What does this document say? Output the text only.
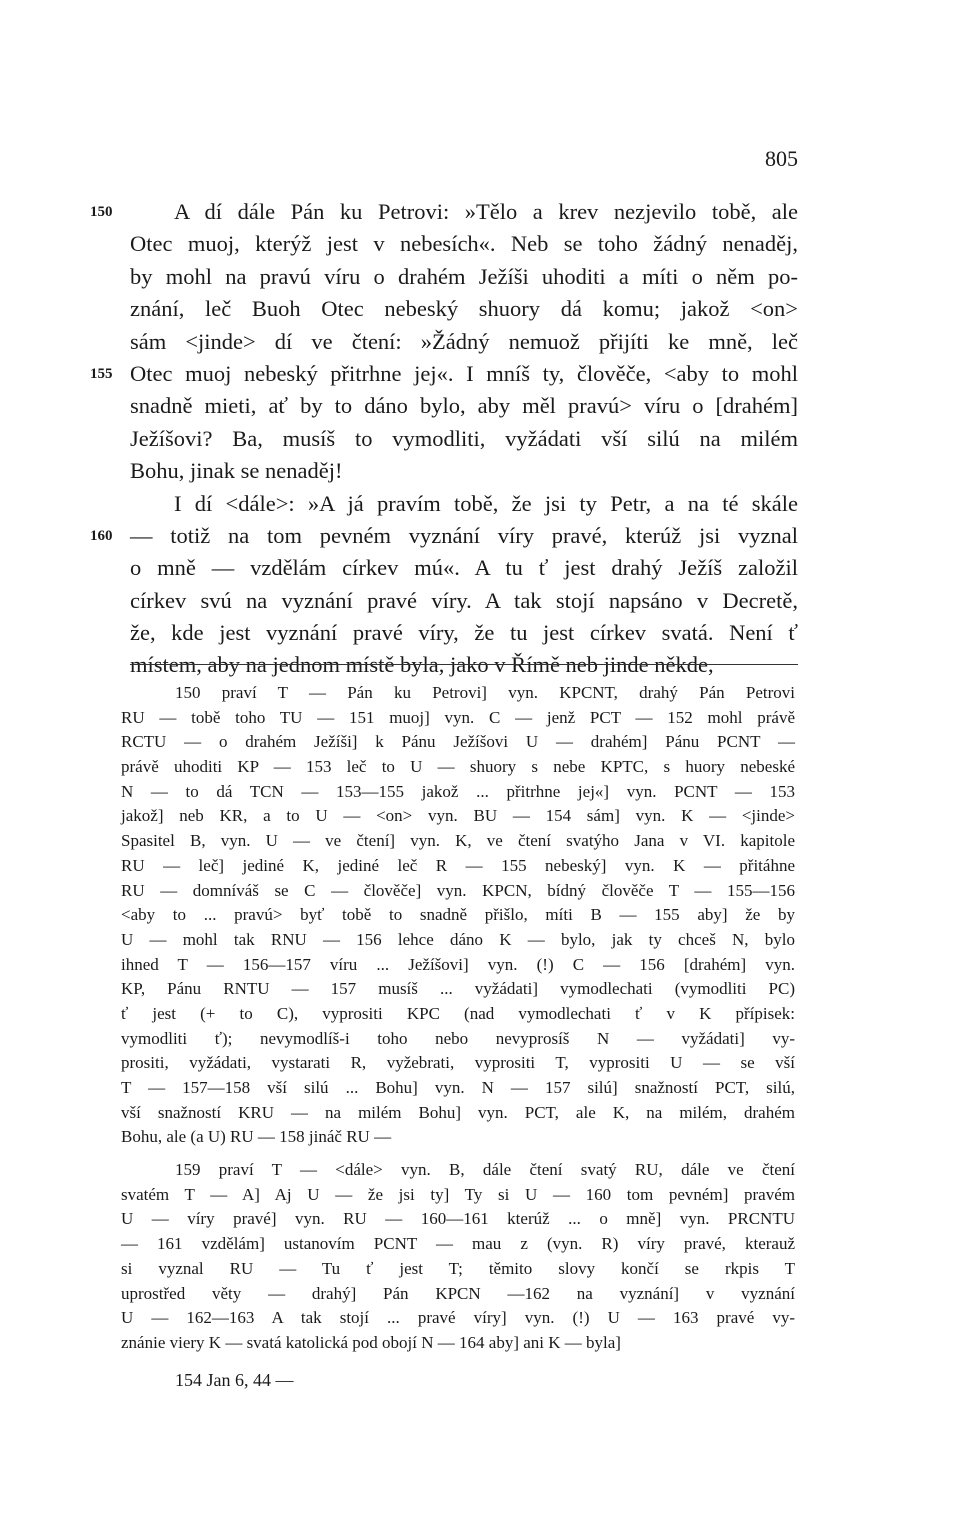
805
150	A dí dále Pán ku Petrovi: »Tělo a krev nezjevilo tobě, ale
Otec muoj, kterýž jest v nebesích«. Neb se toho žádný nenaděj,
by mohl na pravú víru o drahém Ježíši uhoditi a míti o něm po-
znání, leč Buoh Otec nebeský shuory dá komu; jakož <on>
sám <jinde> dí ve čtení: »Žádný nemuož přijíti ke mně, leč
155 Otec muoj nebeský přitrhne jej«. I mníš ty, člověče, <aby to mohl
snadně mieti, ať by to dáno bylo, aby měl pravú> víru o [drahém]
Ježíšovi? Ba, musíš to vymodliti, vyžádati vší silú na milém
Bohu, jinak se nenaděj!
I dí <dále>: »A já pravím tobě, že jsi ty Petr, a na té skále
160 — totiž na tom pevném vyznání víry pravé, kterúž jsi vyznal
o mně — vzdělám církev mú«. A tu ť jest drahý Ježíš založil
církev svú na vyznání pravé víry. A tak stojí napsáno v Decretě,
že, kde jest vyznání pravé víry, že tu jest církev svatá. Není ť
místem, aby na jednom místě byla, jako v Římě neb jinde někde,
150 praví T — Pán ku Petrovi] vyn. KPCNT, drahý Pán Petrovi
RU — tobě toho TU — 151 muoj] vyn. C — jenž PCT — 152 mohl právě
RCTU — o drahém Ježíši] k Pánu Ježíšovi U — drahém] Pánu PCNT —
právě uhoditi KP — 153 leč to U — shuory s nebe KPTC, s huory nebeské
N — to dá TCN — 153—155 jakož ... přitrhne jej«] vyn. PCNT — 153
jakož] neb KR, a to U — <on> vyn. BU — 154 sám] vyn. K — <jinde>
Spasitel B, vyn. U — ve čtení] vyn. K, ve čtení svatýho Jana v VI. kapitole
RU — leč] jediné K, jediné leč R — 155 nebeský] vyn. K — přitáhne
RU — domníváš se C — člověče] vyn. KPCN, bídný člověče T — 155—156
<aby to ... pravú> byť tobě to snadně přišlo, míti B — 155 aby] že by
U — mohl tak RNU — 156 lehce dáno K — bylo, jak ty chceš N, bylo
ihned T — 156—157 víru ... Ježíšovi] vyn. (!) C — 156 [drahém] vyn.
KP, Pánu RNTU — 157 musíš ... vyžádati] vymodlechati (vymodliti PC)
ť jest (+ to C), vyprositi KPC (nad vymodlechati ť v K přípisek:
vymodliti ť); nevymodlíš-i toho nebo nevyprosíš N — vyžádati] vy-
prositi, vyžádati, vystarati R, vyžebrati, vyprositi T, vyprositi U — se vší
T — 157—158 vší silú ... Bohu] vyn. N — 157 silú] snažností PCT, silú,
vší snažností KRU — na milém Bohu] vyn. PCT, ale K, na milém, drahém
Bohu, ale (a U) RU — 158 jináč RU —
159 praví T — <dále> vyn. B, dále čtení svatý RU, dále ve čtení
svatém T — A] Aj U — že jsi ty] Ty si U — 160 tom pevném] pravém
U — víry pravé] vyn. RU — 160—161 kterúž ... o mně] vyn. PRCNTU
— 161 vzdělám] ustanovím PCNT — mau z (vyn. R) víry pravé, kterauž
si vyznal RU — Tu ť jest T; těmito slovy končí se rkpis T
uprostřed věty — drahý] Pán KPCN —162 na vyznání] v vyznání
U — 162—163 A tak stojí ... pravé víry] vyn. (!) U — 163 pravé vy-
znánie viery K — svatá katolická pod obojí N — 164 aby] ani K — byla]
154 Jan 6, 44 —
